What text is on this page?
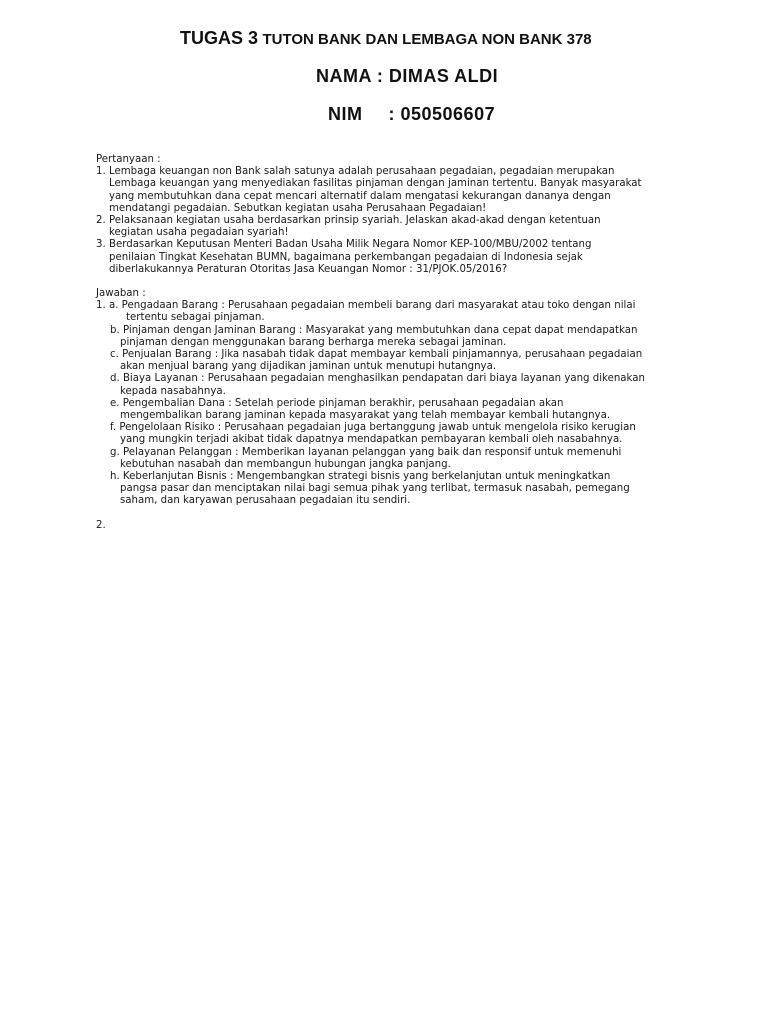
TUGAS 3 TUTON BANK DAN LEMBAGA NON BANK 378
NAMA : DIMAS ALDI
NIM : 050506607
Pertanyaan :
1. Lembaga keuangan non Bank salah satunya adalah perusahaan pegadaian, pegadaian merupakan
Lembaga keuangan yang menyediakan fasilitas pinjaman dengan jaminan tertentu. Banyak masyarakat
yang membutuhkan dana cepat mencari alternatif dalam mengatasi kekurangan dananya dengan
mendatangi pegadaian. Sebutkan kegiatan usaha Perusahaan Pegadaian!
2. Pelaksanaan kegiatan usaha berdasarkan prinsip syariah. Jelaskan akad-akad dengan ketentuan
kegiatan usaha pegadaian syariah!
3. Berdasarkan Keputusan Menteri Badan Usaha Milik Negara Nomor KEP-100/MBU/2002 tentang
penilaian Tingkat Kesehatan BUMN, bagaimana perkembangan pegadaian di Indonesia sejak
diberlakukannya Peraturan Otoritas Jasa Keuangan Nomor : 31/PJOK.05/2016?
Jawaban :
1. a. Pengadaan Barang : Perusahaan pegadaian membeli barang dari masyarakat atau toko dengan nilai
tertentu sebagai pinjaman.
b. Pinjaman dengan Jaminan Barang : Masyarakat yang membutuhkan dana cepat dapat mendapatkan
pinjaman dengan menggunakan barang berharga mereka sebagai jaminan.
c. Penjualan Barang : Jika nasabah tidak dapat membayar kembali pinjamannya, perusahaan pegadaian
akan menjual barang yang dijadikan jaminan untuk menutupi hutangnya.
d. Biaya Layanan : Perusahaan pegadaian menghasilkan pendapatan dari biaya layanan yang dikenakan
kepada nasabahnya.
e. Pengembalian Dana : Setelah periode pinjaman berakhir, perusahaan pegadaian akan
mengembalikan barang jaminan kepada masyarakat yang telah membayar kembali hutangnya.
f. Pengelolaan Risiko : Perusahaan pegadaian juga bertanggung jawab untuk mengelola risiko kerugian
yang mungkin terjadi akibat tidak dapatnya mendapatkan pembayaran kembali oleh nasabahnya.
g. Pelayanan Pelanggan : Memberikan layanan pelanggan yang baik dan responsif untuk memenuhi
kebutuhan nasabah dan membangun hubungan jangka panjang.
h. Keberlanjutan Bisnis : Mengembangkan strategi bisnis yang berkelanjutan untuk meningkatkan
pangsa pasar dan menciptakan nilai bagi semua pihak yang terlibat, termasuk nasabah, pemegang
saham, dan karyawan perusahaan pegadaian itu sendiri.
2.
